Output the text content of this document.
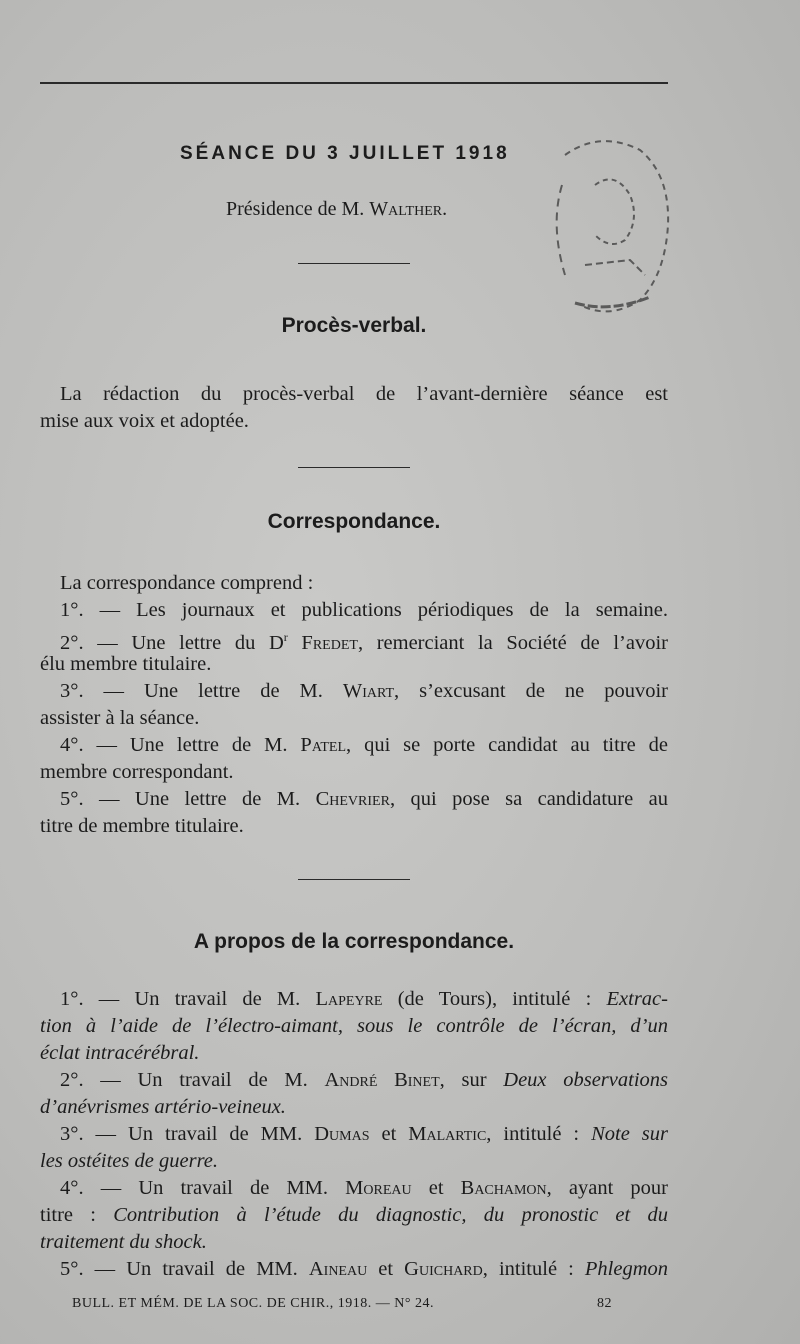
SÉANCE DU 3 JUILLET 1918
Présidence de M. Walther.
Procès-verbal.
La rédaction du procès-verbal de l’avant-dernière séance est
mise aux voix et adoptée.
Correspondance.
La correspondance comprend :
1°. — Les journaux et publications périodiques de la semaine.
2°. — Une lettre du $D^r$ Fredet, remerciant la Société de l’avoir
élu membre titulaire.
3°. — Une lettre de M. Wiart, s’excusant de ne pouvoir
assister à la séance.
4°. — Une lettre de M. Patel, qui se porte candidat au titre de
membre correspondant.
5°. — Une lettre de M. Chevrier, qui pose sa candidature au
titre de membre titulaire.
A propos de la correspondance.
1°. — Un travail de M. Lapeyre (de Tours), intitulé : Extrac-
tion à l’aide de l’électro-aimant, sous le contrôle de l’écran, d’un
éclat intracérébral.
2°. — Un travail de M. André Binet, sur Deux observations
d’anévrismes artério-veineux.
3°. — Un travail de MM. Dumas et Malartic, intitulé : Note sur
les ostéites de guerre.
4°. — Un travail de MM. Moreau et Bachamon, ayant pour
titre : Contribution à l’étude du diagnostic, du pronostic et du
traitement du shock.
5°. — Un travail de MM. Aineau et Guichard, intitulé : Phlegmon
BULL. ET MÉM. DE LA SOC. DE CHIR., 1918. — N° 24.	82
